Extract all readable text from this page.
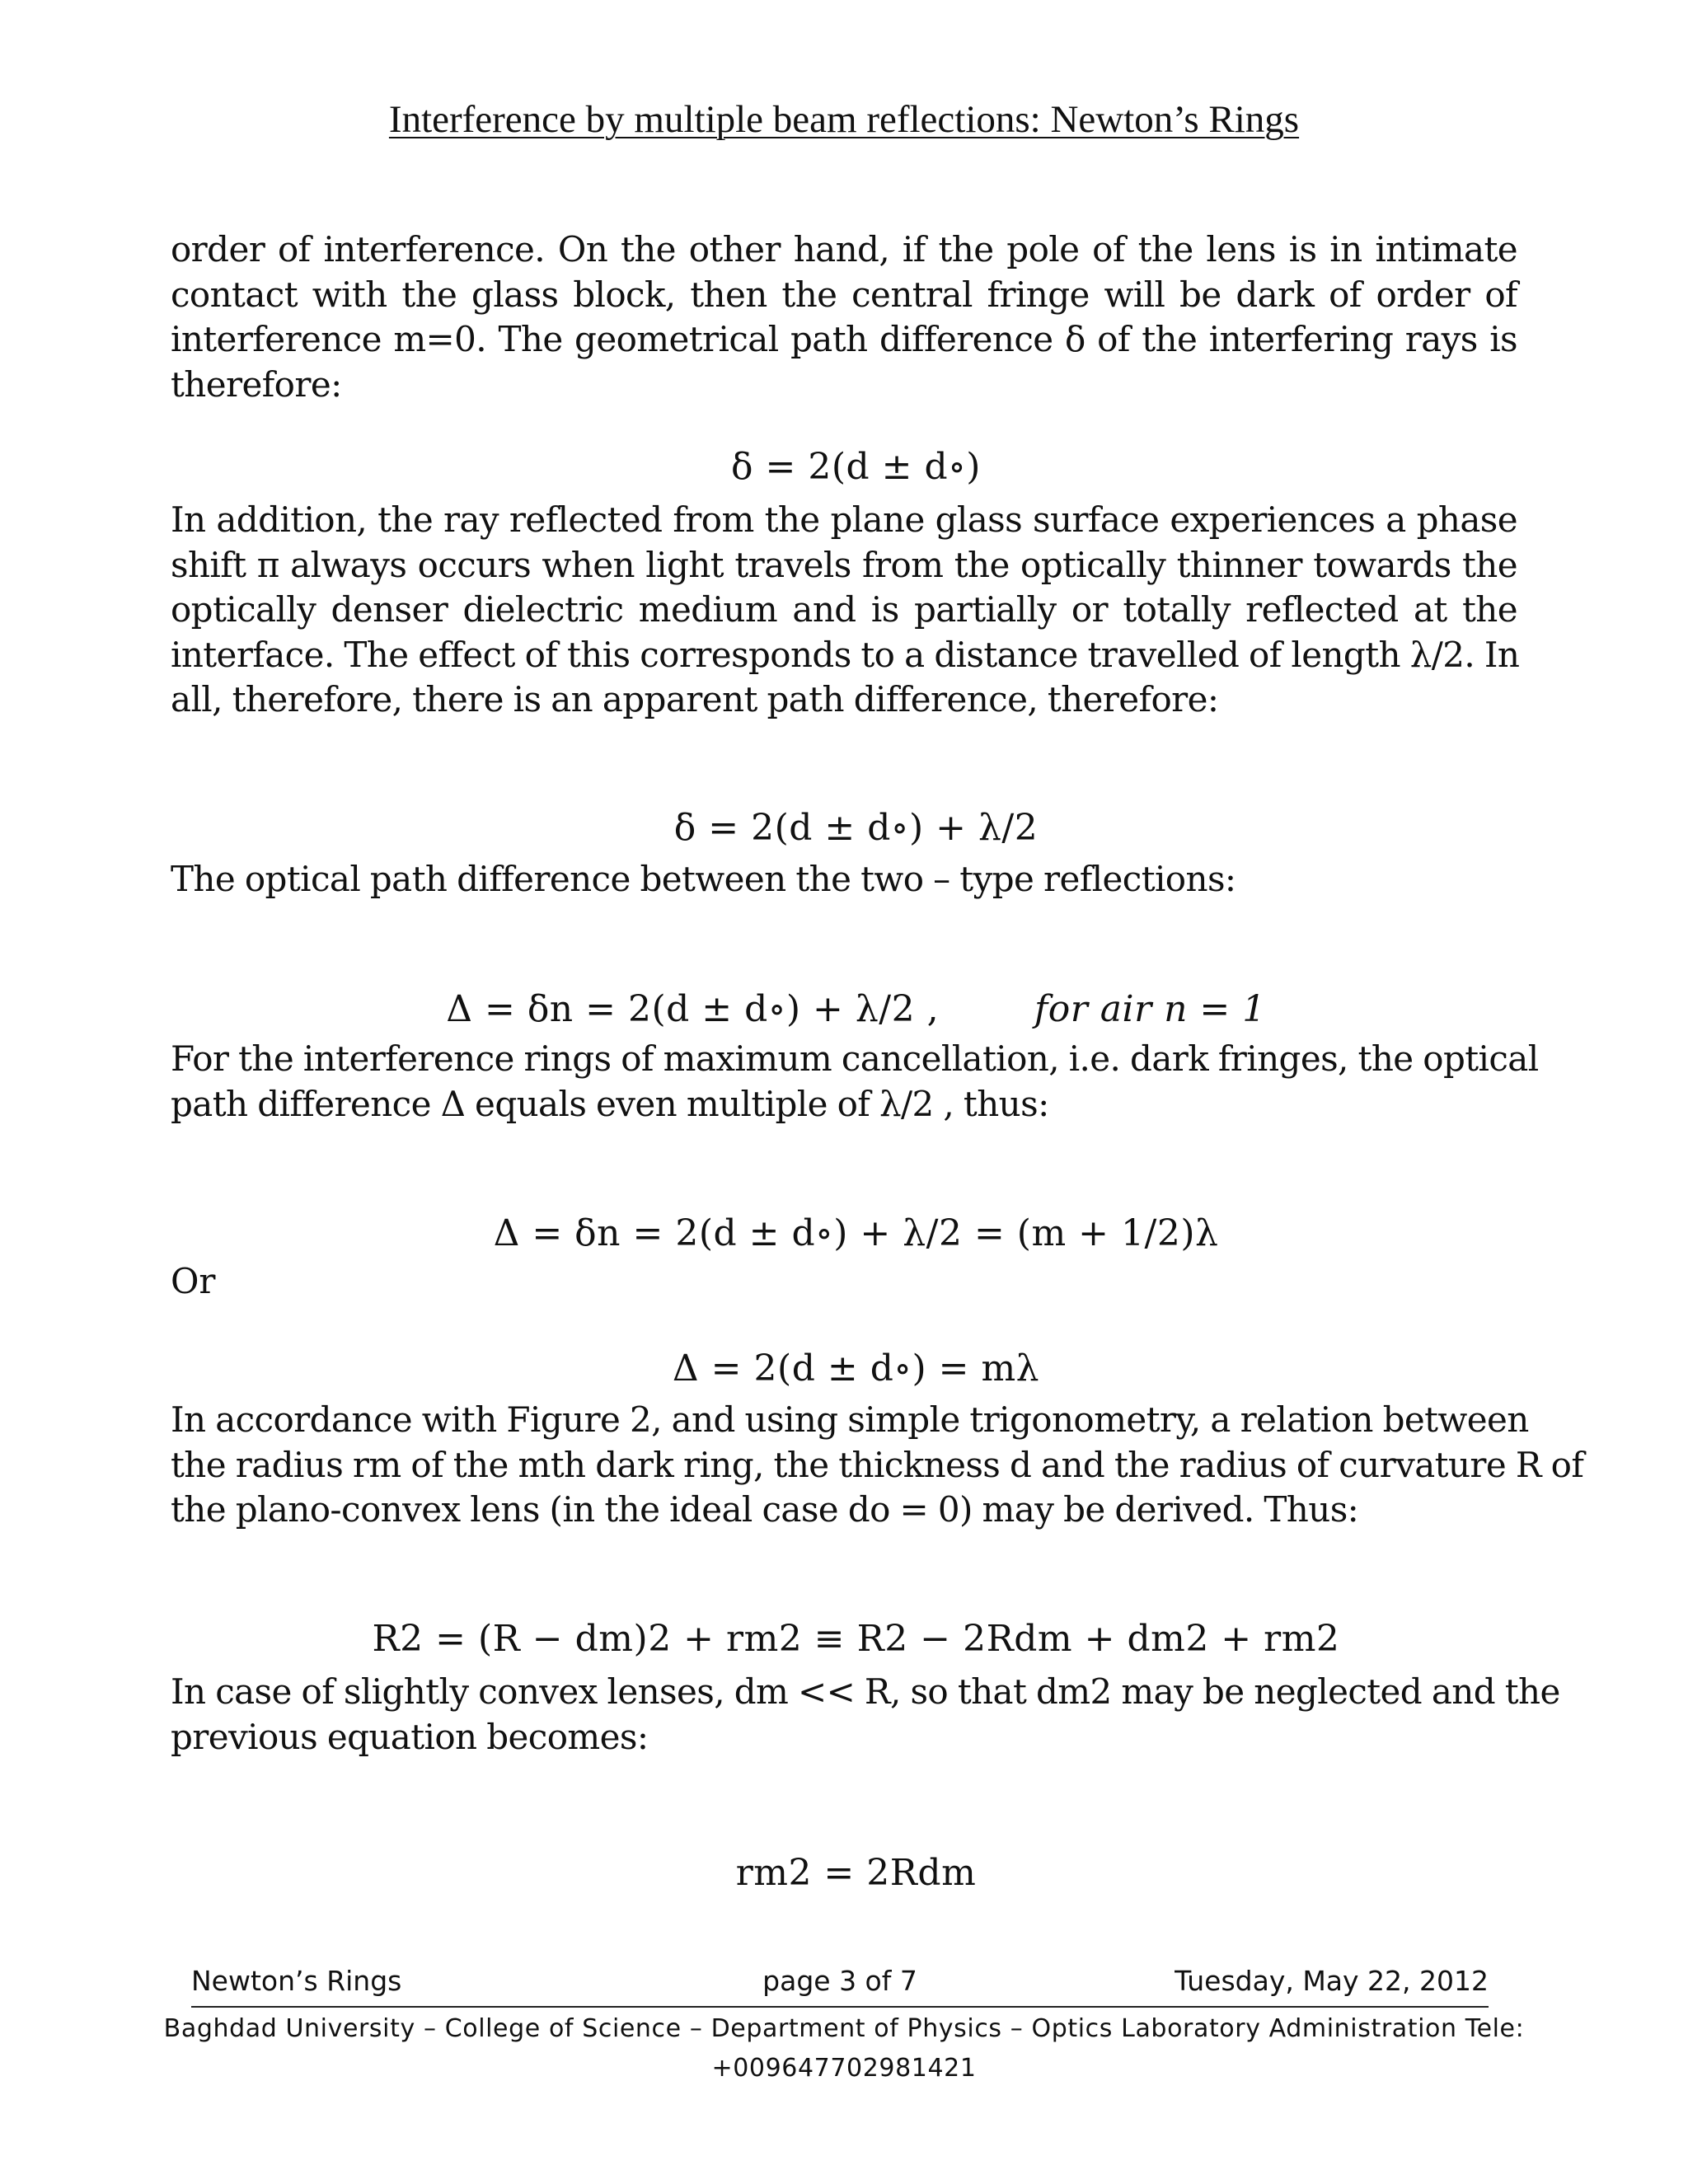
Interference by multiple beam reflections: Newton’s Rings
order of interference. On the other hand, if the pole of the lens is in intimate
contact with the glass block, then the central fringe will be dark of order of
interference m=0. The geometrical path difference δ of the interfering rays is
therefore:

δ = 2(d ± d∘)

In addition, the ray reflected from the plane glass surface experiences a phase
shift π always occurs when light travels from the optically thinner towards the
optically denser dielectric medium and is partially or totally reflected at the
interface. The effect of this corresponds to a distance travelled of length λ/2. In
all, therefore, there is an apparent path difference, therefore:

δ = 2(d ± d∘) + λ/2

The optical path difference between the two – type reflections:

Δ = δn = 2(d ± d∘) + λ/2 ,	for air n = 1

For the interference rings of maximum cancellation, i.e. dark fringes, the optical
path difference Δ equals even multiple of λ/2 , thus:

Δ = δn = 2(d ± d∘) + λ/2 = (m + 1/2)λ

Or

Δ = 2(d ± d∘) = mλ

In accordance with Figure 2, and using simple trigonometry, a relation between
the radius rm of the mth dark ring, the thickness d and the radius of curvature R of
the plano-convex lens (in the ideal case do = 0) may be derived. Thus:

R2 = (R − dm)2 + rm2 ≡ R2 − 2Rdm + dm2 + rm2

In case of slightly convex lenses, dm << R, so that dm2 may be neglected and the
previous equation becomes:

rm2 = 2Rdm

Newton’s Rings	page 3 of 7	Tuesday, May 22, 2012
Baghdad University – College of Science – Department of Physics – Optics Laboratory Administration Tele:
+009647702981421
